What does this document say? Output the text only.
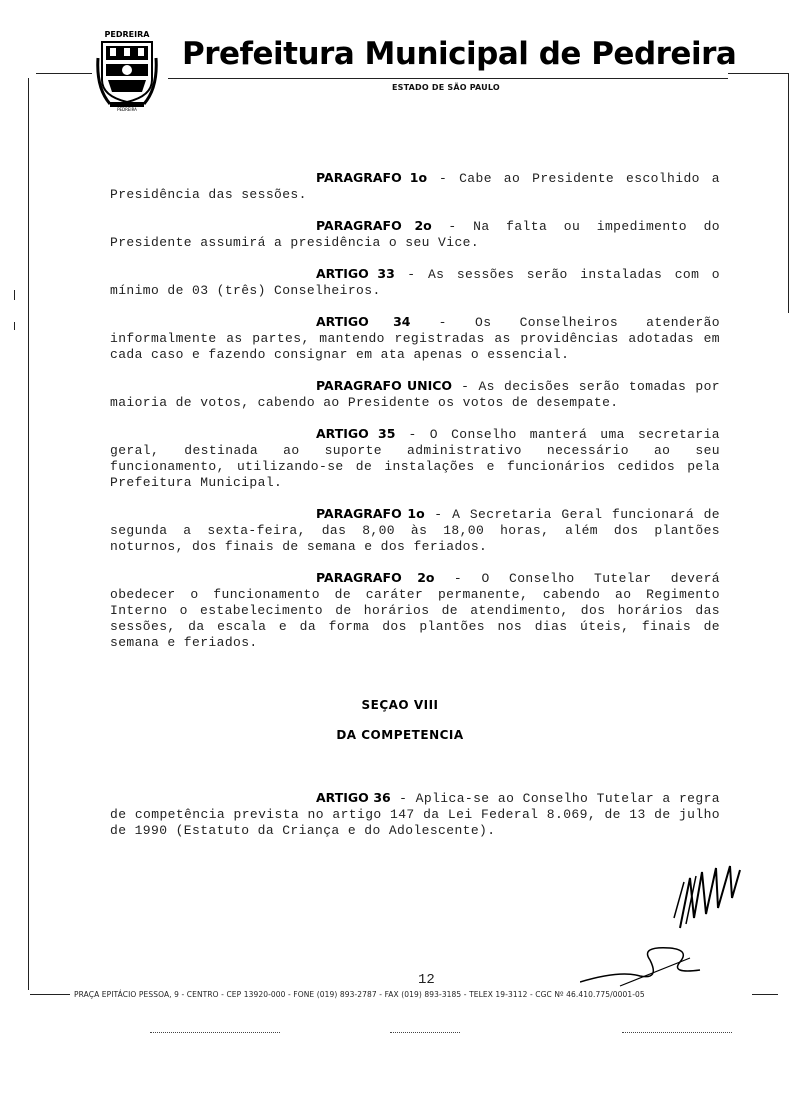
PEDREIRA
PEDREIRA
Prefeitura Municipal de Pedreira
ESTADO DE SÃO PAULO

PARAGRAFO 1o - Cabe ao Presidente escolhido a Presidência das sessões.

PARAGRAFO 2o - Na falta ou impedimento do Presidente assumirá a presidência o seu Vice.

ARTIGO 33 - As sessões serão instaladas com o mínimo de 03 (três) Conselheiros.

ARTIGO 34 - Os Conselheiros atenderão informalmente as partes, mantendo registradas as providências adotadas em cada caso e fazendo consignar em ata apenas o essencial.

PARAGRAFO UNICO - As decisões serão tomadas por maioria de votos, cabendo ao Presidente os votos de desempate.

ARTIGO 35 - O Conselho manterá uma secretaria geral, destinada ao suporte administrativo necessário ao seu funcionamento, utilizando-se de instalações e funcionários cedidos pela Prefeitura Municipal.

PARAGRAFO 1o - A Secretaria Geral funcionará de segunda a sexta-feira, das 8,00 às 18,00 horas, além dos plantões noturnos, dos finais de semana e dos feriados.

PARAGRAFO 2o - O Conselho Tutelar deverá obedecer o funcionamento de caráter permanente, cabendo ao Regimento Interno o estabelecimento de horários de atendimento, dos horários das sessões, da escala e da forma dos plantões nos dias úteis, finais de semana e feriados.

SEÇAO VIII
DA COMPETENCIA

ARTIGO 36 - Aplica-se ao Conselho Tutelar a regra de competência prevista no artigo 147 da Lei Federal 8.069, de 13 de julho de 1990 (Estatuto da Criança e do Adolescente).

12
PRAÇA EPITÁCIO PESSOA, 9 - CENTRO - CEP 13920-000 - FONE (019) 893-2787 - FAX (019) 893-3185 - TELEX 19-3112 - CGC Nº 46.410.775/0001-05
